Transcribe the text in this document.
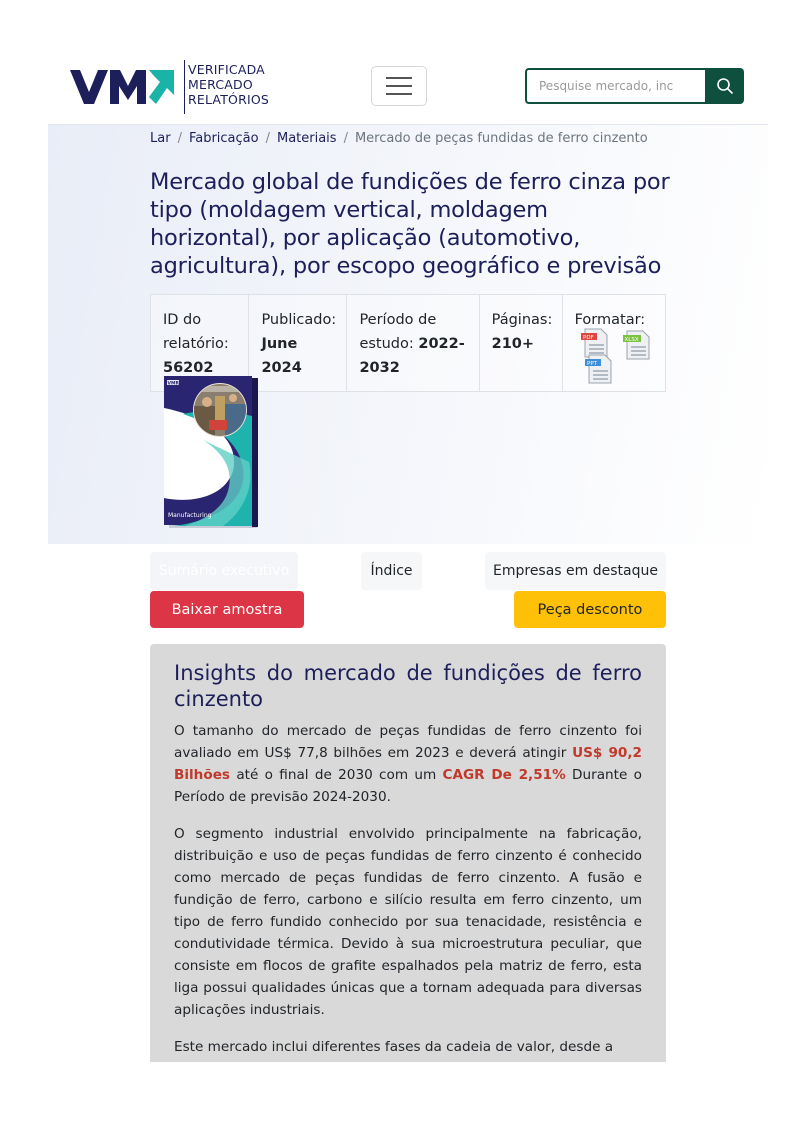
VERIFICADA
MERCADO
RELATÓRIOS
Pesquise mercado, inc
Lar / Fabricação / Materiais / Mercado de peças fundidas de ferro cinzento
Mercado global de fundições de ferro cinza por tipo (moldagem vertical, moldagem horizontal), por aplicação (automotivo, agricultura), por escopo geográfico e previsão
ID do relatório:
56202
Publicado:
June 2024
Período de estudo: 2022-2032
Páginas:
210+
Formatar:
PDF	XLSX
PPT
VMR
Manufacturing
Sumário executivo	Índice	Empresas em destaque
Baixar amostra	Peça desconto
Insights do mercado de fundições de ferro cinzento

O tamanho do mercado de peças fundidas de ferro cinzento foi avaliado em US$ 77,8 bilhões em 2023 e deverá atingir US$ 90,2 Bilhões até o final de 2030 com um CAGR De 2,51% Durante o Período de previsão 2024-2030.

O segmento industrial envolvido principalmente na fabricação, distribuição e uso de peças fundidas de ferro cinzento é conhecido como mercado de peças fundidas de ferro cinzento. A fusão e fundição de ferro, carbono e silício resulta em ferro cinzento, um tipo de ferro fundido conhecido por sua tenacidade, resistência e condutividade térmica. Devido à sua microestrutura peculiar, que consiste em flocos de grafite espalhados pela matriz de ferro, esta liga possui qualidades únicas que a tornam adequada para diversas aplicações industriais.

Este mercado inclui diferentes fases da cadeia de valor, desde a
